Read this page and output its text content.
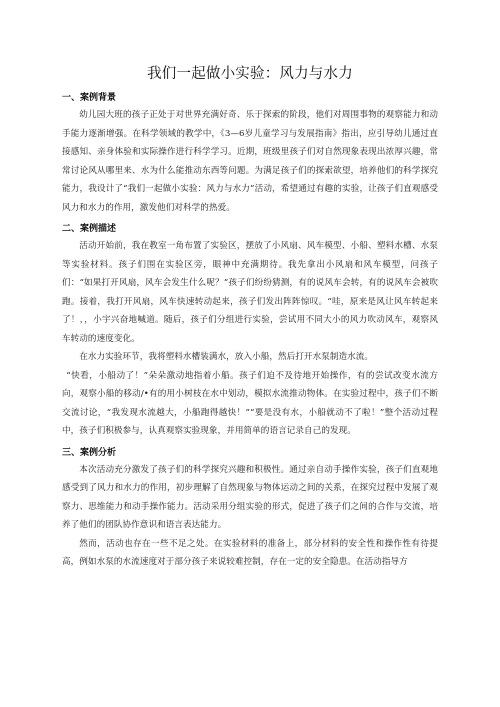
我们一起做小实验：风力与水力
一、案例背景

幼儿园大班的孩子正处于对世界充满好奇、乐于探索的阶段，他们对周围事物的观察能力和动手能力逐渐增强。在科学领域的教学中，《3—6岁儿童学习与发展指南》指出，应引导幼儿通过直接感知、亲身体验和实际操作进行科学学习。近期，班级里孩子们对自然现象表现出浓厚兴趣，常常讨论风从哪里来、水为什么能推动东西等问题。为满足孩子们的探索欲望，培养他们的科学探究能力，我设计了“我们一起做小实验：风力与水力”活动，希望通过有趣的实验，让孩子们直观感受风力和水力的作用，激发他们对科学的热爱。

二、案例描述

活动开始前，我在教室一角布置了实验区，摆放了小风扇、风车模型、小船、塑料水槽、水泵等实验材料。孩子们围在实验区旁，眼神中充满期待。我先拿出小风扇和风车模型，问孩子们：“如果打开风扇，风车会发生什么呢？”孩子们纷纷猜测，有的说风车会转，有的说风车会被吹跑。接着，我打开风扇，风车快速转动起来，孩子们发出阵阵惊叹。“哇，原来是风让风车转起来了！，，小宇兴奋地喊道。随后，孩子们分组进行实验，尝试用不同大小的风力吹动风车，观察风车转动的速度变化。

在水力实验环节，我将塑料水槽装满水，放入小船，然后打开水泵制造水流。

“快看，小船动了！”朵朵激动地指着小船。孩子们迫不及待地开始操作，有的尝试改变水流方向，观察小船的移动/•有的用小树枝在水中划动，模拟水流推动物体。在实验过程中，孩子们不断交流讨论，“我发现水流越大，小船跑得越快！”“要是没有水，小船就动不了啦！”整个活动过程中，孩子们积极参与，认真观察实验现象，并用简单的语言记录自己的发现。

三、案例分析

本次活动充分激发了孩子们的科学探究兴趣和积极性。通过亲自动手操作实验，孩子们直观地感受到了风力和水力的作用，初步理解了自然现象与物体运动之间的关系，在探究过程中发展了观察力、思维能力和动手操作能力。活动采用分组实验的形式，促进了孩子们之间的合作与交流，培养了他们的团队协作意识和语言表达能力。

然而，活动也存在一些不足之处。在实验材料的准备上，部分材料的安全性和操作性有待提高，例如水泵的水流速度对于部分孩子来说较难控制，存在一定的安全隐患。在活动指导方
